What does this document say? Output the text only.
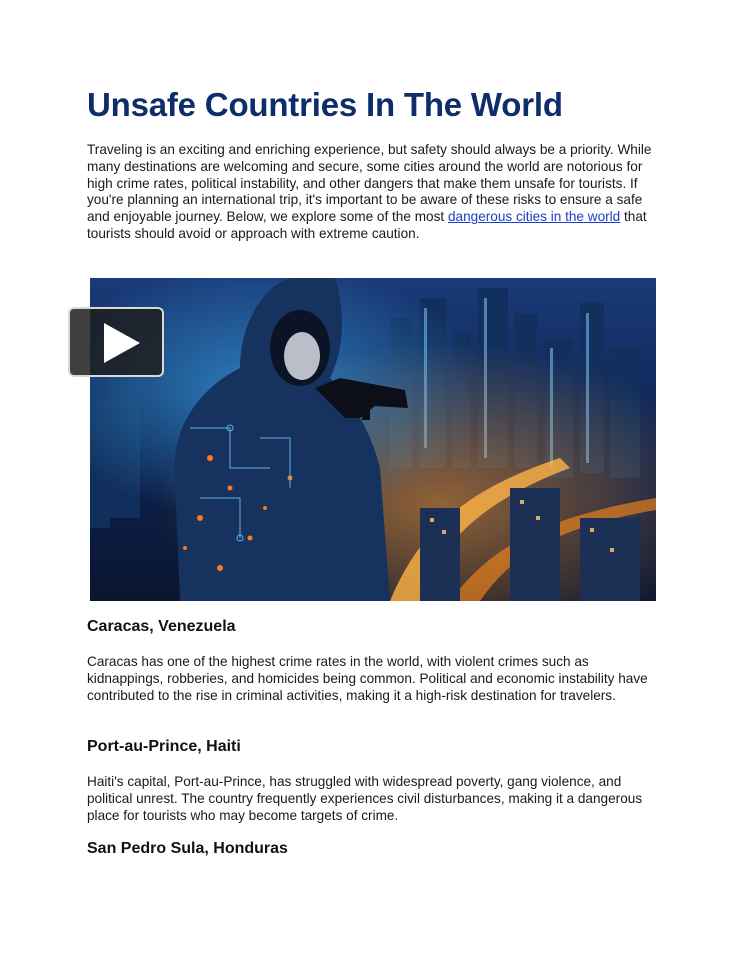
Unsafe Countries In The World

Traveling is an exciting and enriching experience, but safety should always be a priority. While many destinations are welcoming and secure, some cities around the world are notorious for high crime rates, political instability, and other dangers that make them unsafe for tourists. If you're planning an international trip, it's important to be aware of these risks to ensure a safe and enjoyable journey. Below, we explore some of the most dangerous cities in the world that tourists should avoid or approach with extreme caution.

Caracas, Venezuela

Caracas has one of the highest crime rates in the world, with violent crimes such as kidnappings, robberies, and homicides being common. Political and economic instability have contributed to the rise in criminal activities, making it a high-risk destination for travelers.

Port-au-Prince, Haiti

Haiti's capital, Port-au-Prince, has struggled with widespread poverty, gang violence, and political unrest. The country frequently experiences civil disturbances, making it a dangerous place for tourists who may become targets of crime.

San Pedro Sula, Honduras
